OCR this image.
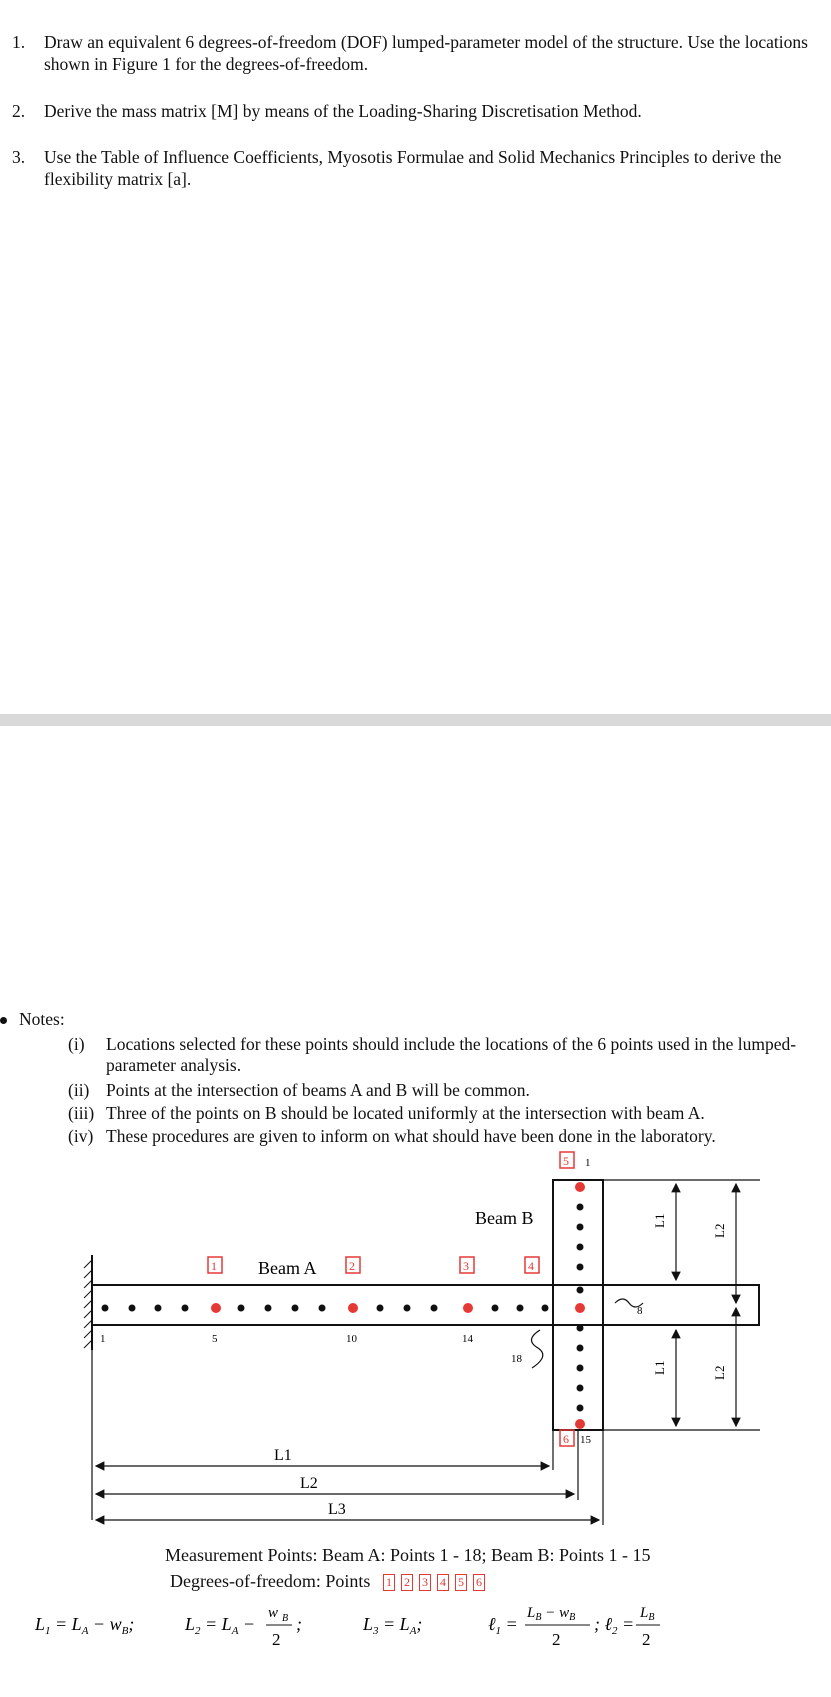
1. Draw an equivalent 6 degrees-of-freedom (DOF) lumped-parameter model of the structure. Use the locations shown in Figure 1 for the degrees-of-freedom.
2. Derive the mass matrix [M] by means of the Loading-Sharing Discretisation Method.
3. Use the Table of Influence Coefficients, Myosotis Formulae and Solid Mechanics Principles to derive the flexibility matrix [a].
Notes:
(i) Locations selected for these points should include the locations of the 6 points used in the lumped-parameter analysis.
(ii) Points at the intersection of beams A and B will be common.
(iii) Three of the points on B should be located uniformly at the intersection with beam A.
(iv) These procedures are given to inform on what should have been done in the laboratory.
Beam A
Beam B
1	2	3	4
5
6
1	5	10	14
18
1
8
15
L1
L2
L1	L2
L1
L2
L3
Measurement Points: Beam A: Points 1 - 18; Beam B: Points 1 - 15
Degrees-of-freedom: Points 1 2 3 4 5 6
$L_1 = L_A - w_B$;	$L_2 = L_A$ −
w B
2
;	$L_3 = L_A$;	ℓ$_1$ =
$L_B - w_B$
2
; ℓ$_2$ =
$L_B$
2
